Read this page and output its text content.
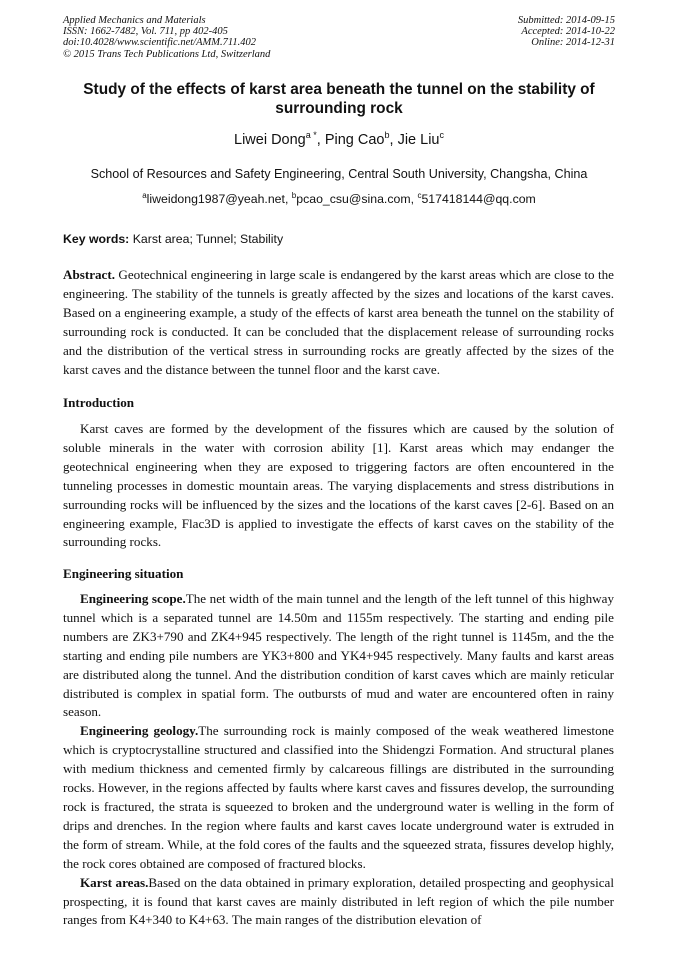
Applied Mechanics and Materials
ISSN: 1662-7482, Vol. 711, pp 402-405
doi:10.4028/www.scientific.net/AMM.711.402
© 2015 Trans Tech Publications Ltd, Switzerland
Submitted: 2014-09-15
Accepted: 2014-10-22
Online: 2014-12-31
Study of the effects of karst area beneath the tunnel on the stability of surrounding rock
Liwei Dong$^{a *}$, Ping Cao$^b$, Jie Liu$^c$
School of Resources and Safety Engineering, Central South University, Changsha, China
$^a$liweidong1987@yeah.net, $^b$pcao_csu@sina.com, $^c$517418144@qq.com
Key words: Karst area; Tunnel; Stability

Abstract. Geotechnical engineering in large scale is endangered by the karst areas which are close to the engineering. The stability of the tunnels is greatly affected by the sizes and locations of the karst caves. Based on a engineering example, a study of the effects of karst area beneath the tunnel on the stability of surrounding rock is conducted. It can be concluded that the displacement release of surrounding rocks and the distribution of the vertical stress in surrounding rocks are greatly affected by the sizes of the karst caves and the distance between the tunnel floor and the karst cave.

Introduction

Karst caves are formed by the development of the fissures which are caused by the solution of soluble minerals in the water with corrosion ability [1]. Karst areas which may endanger the geotechnical engineering when they are exposed to triggering factors are often encountered in the tunneling processes in domestic mountain areas. The varying displacements and stress distributions in surrounding rocks will be influenced by the sizes and the locations of the karst caves [2-6]. Based on an engineering example, Flac3D is applied to investigate the effects of karst caves on the stability of the surrounding rocks.

Engineering situation

Engineering scope.The net width of the main tunnel and the length of the left tunnel of this highway tunnel which is a separated tunnel are 14.50m and 1155m respectively. The starting and ending pile numbers are ZK3+790 and ZK4+945 respectively. The length of the right tunnel is 1145m, and the the starting and ending pile numbers are YK3+800 and YK4+945 respectively. Many faults and karst areas are distributed along the tunnel. And the distribution condition of karst caves which are mainly reticular distributed is complex in spatial form. The outbursts of mud and water are encountered often in rainy season.

Engineering geology.The surrounding rock is mainly composed of the weak weathered limestone which is cryptocrystalline structured and classified into the Shidengzi Formation. And structural planes with medium thickness and cemented firmly by calcareous fillings are distributed in the surrounding rocks. However, in the regions affected by faults where karst caves and fissures develop, the surrounding rock is fractured, the strata is squeezed to broken and the underground water is welling in the form of drips and drenches. In the region where faults and karst caves locate underground water is extruded in the form of stream. While, at the fold cores of the faults and the squeezed strata, fissures develop highly, the rock cores obtained are composed of fractured blocks.

Karst areas.Based on the data obtained in primary exploration, detailed prospecting and geophysical prospecting, it is found that karst caves are mainly distributed in left region of which the pile number ranges from K4+340 to K4+63. The main ranges of the distribution elevation of
